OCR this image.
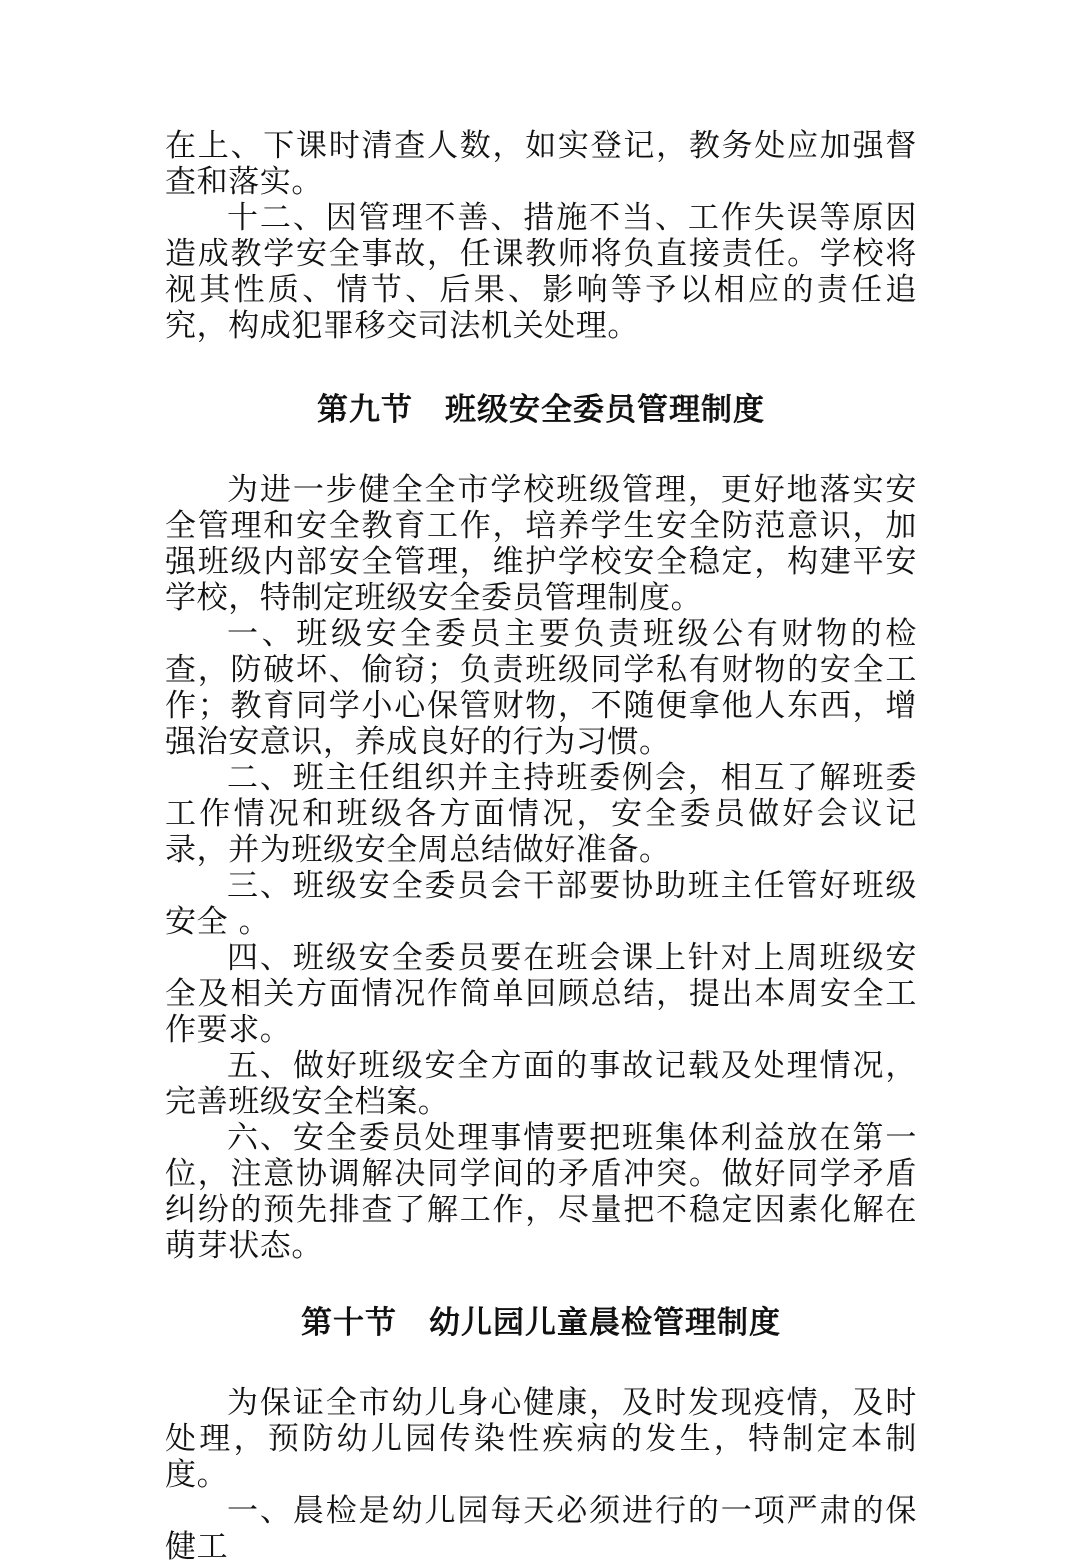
在上、下课时清查人数，如实登记，教务处应加强督查和落实。

十二、因管理不善、措施不当、工作失误等原因造成教学安全事故，任课教师将负直接责任。学校将视其性质、情节、后果、影响等予以相应的责任追究，构成犯罪移交司法机关处理。

第九节　班级安全委员管理制度

为进一步健全全市学校班级管理，更好地落实安全管理和安全教育工作，培养学生安全防范意识，加强班级内部安全管理，维护学校安全稳定，构建平安学校，特制定班级安全委员管理制度。

一、班级安全委员主要负责班级公有财物的检查，防破坏、偷窃；负责班级同学私有财物的安全工作；教育同学小心保管财物，不随便拿他人东西，增强治安意识，养成良好的行为习惯。

二、班主任组织并主持班委例会，相互了解班委工作情况和班级各方面情况，安全委员做好会议记录，并为班级安全周总结做好准备。

三、班级安全委员会干部要协助班主任管好班级安全 。

四、班级安全委员要在班会课上针对上周班级安全及相关方面情况作简单回顾总结，提出本周安全工作要求。

五、做好班级安全方面的事故记载及处理情况，完善班级安全档案。

六、安全委员处理事情要把班集体利益放在第一位，注意协调解决同学间的矛盾冲突。做好同学矛盾纠纷的预先排查了解工作，尽量把不稳定因素化解在萌芽状态。

第十节　幼儿园儿童晨检管理制度

为保证全市幼儿身心健康，及时发现疫情，及时处理，预防幼儿园传染性疾病的发生，特制定本制度。

一、晨检是幼儿园每天必须进行的一项严肃的保健工
